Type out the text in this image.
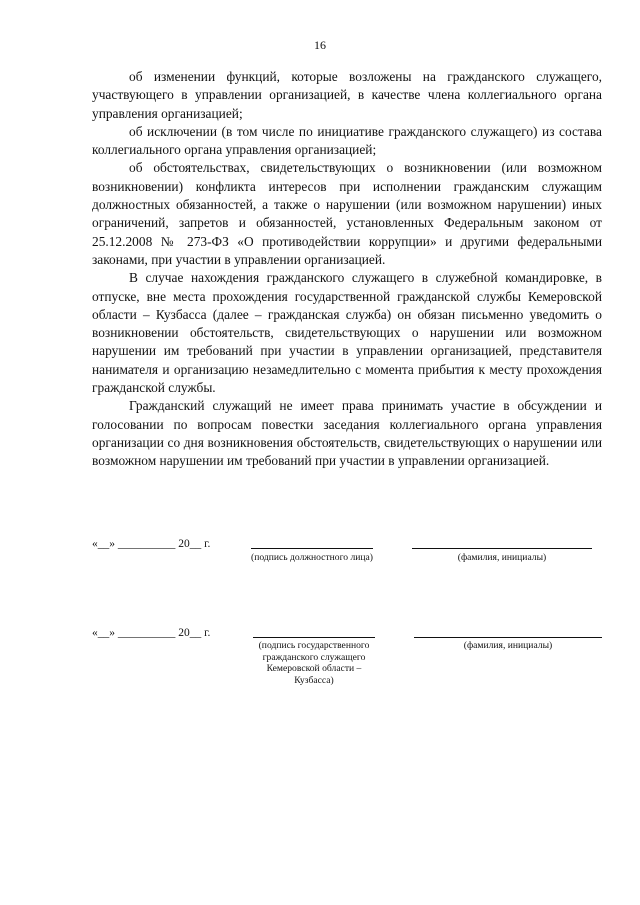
16

об изменении функций, которые возложены на гражданского служащего, участвующего в управлении организацией, в качестве члена коллегиального органа управления организацией;

об исключении (в том числе по инициативе гражданского служащего) из состава коллегиального органа управления организацией;

об обстоятельствах, свидетельствующих о возникновении (или возможном возникновении) конфликта интересов при исполнении гражданским служащим должностных обязанностей, а также о нарушении (или возможном нарушении) иных ограничений, запретов и обязанностей, установленных Федеральным законом от 25.12.2008 № 273-ФЗ «О противодействии коррупции» и другими федеральными законами, при участии в управлении организацией.

В случае нахождения гражданского служащего в служебной командировке, в отпуске, вне места прохождения государственной гражданской службы Кемеровской области – Кузбасса (далее – гражданская служба) он обязан письменно уведомить о возникновении обстоятельств, свидетельствующих о нарушении или возможном нарушении им требований при участии в управлении организацией, представителя нанимателя и организацию незамедлительно с момента прибытия к месту прохождения гражданской службы.

Гражданский служащий не имеет права принимать участие в обсуждении и голосовании по вопросам повестки заседания коллегиального органа управления организации со дня возникновения обстоятельств, свидетельствующих о нарушении или возможном нарушении им требований при участии в управлении организацией.

«__» __________ 20__ г.
(подпись должностного лица)	(фамилия, инициалы)
«__» __________ 20__ г.
(подпись государственного гражданского служащего Кемеровской области – Кузбасса)
(фамилия, инициалы)
